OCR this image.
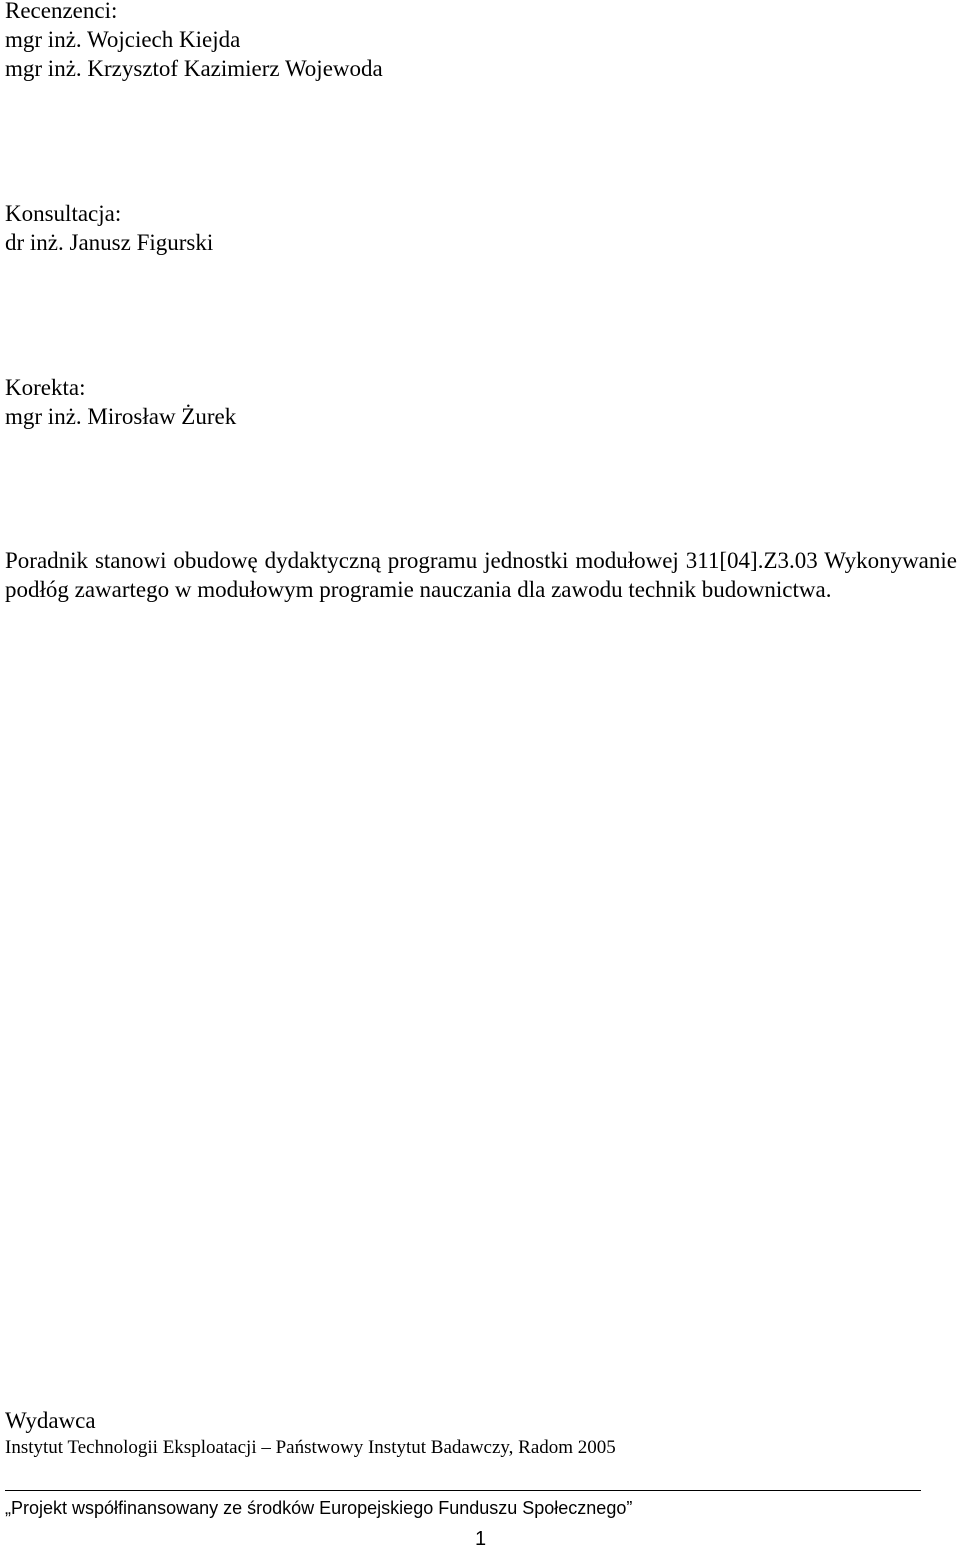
Recenzenci:

mgr inż. Wojciech Kiejda

mgr inż. Krzysztof Kazimierz Wojewoda

Konsultacja:

dr inż. Janusz Figurski

Korekta:

mgr inż. Mirosław Żurek

Poradnik stanowi obudowę dydaktyczną programu jednostki modułowej 311[04].Z3.03 Wykonywanie podłóg zawartego w modułowym programie nauczania dla zawodu technik budownictwa.

Wydawca
Instytut Technologii Eksploatacji – Państwowy Instytut Badawczy, Radom 2005
„Projekt współfinansowany ze środków Europejskiego Funduszu Społecznego”
1
